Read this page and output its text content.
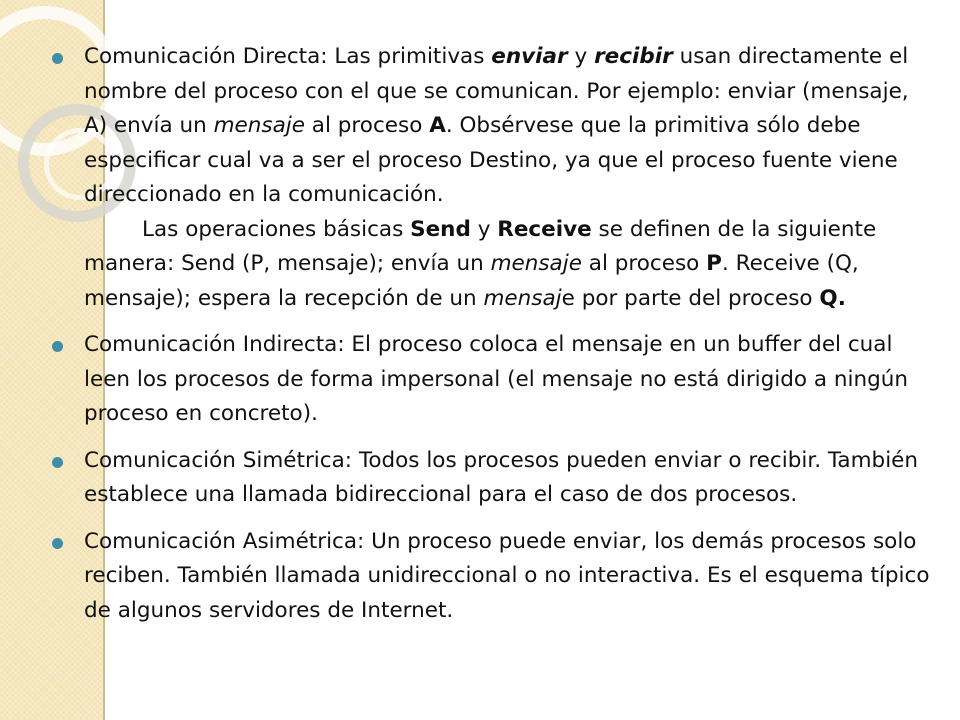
Comunicación Directa: Las primitivas enviar y recibir usan directamente el nombre del proceso con el que se comunican. Por ejemplo: enviar (mensaje, A) envía un mensaje al proceso A. Obsérvese que la primitiva sólo debe especificar cual va a ser el proceso Destino, ya que el proceso fuente viene direccionado en la comunicación.
Las operaciones básicas Send y Receive se definen de la siguiente manera: Send (P, mensaje); envía un mensaje al proceso P. Receive (Q, mensaje); espera la recepción de un mensaje por parte del proceso Q.
Comunicación Indirecta: El proceso coloca el mensaje en un buffer del cual leen los procesos de forma impersonal (el mensaje no está dirigido a ningún proceso en concreto).
Comunicación Simétrica: Todos los procesos pueden enviar o recibir. También establece una llamada bidireccional para el caso de dos procesos.
Comunicación Asimétrica: Un proceso puede enviar, los demás procesos solo reciben. También llamada unidireccional o no interactiva. Es el esquema típico de algunos servidores de Internet.
